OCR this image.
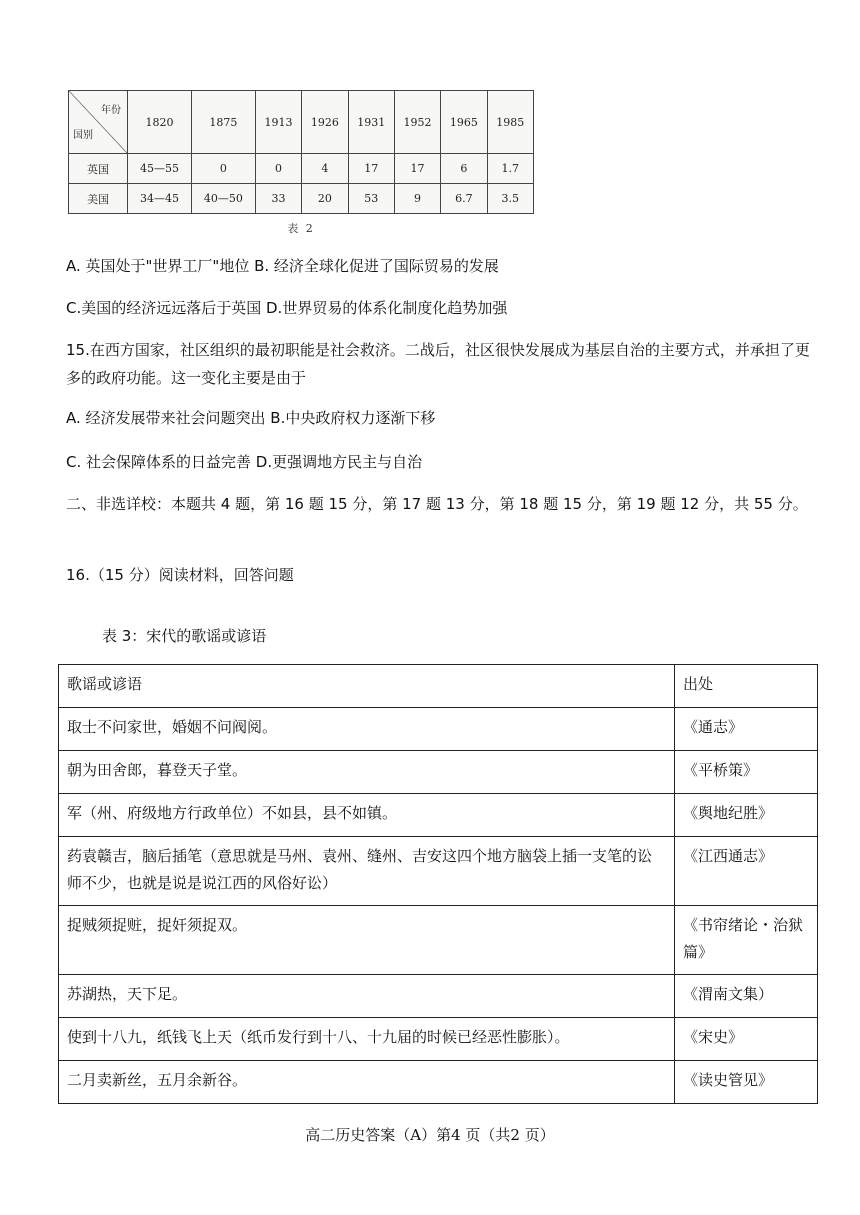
年份
国别	1820	1875	1913	1926	1931	1952	1965	1985
英国	45—55	0	0	4	17	17	6	1.7
美国	34—45	40—50	33	20	53	9	6.7	3.5
表 2
A. 英国处于"世界工厂"地位 B. 经济全球化促进了国际贸易的发展
C.美国的经济远远落后于英国 D.世界贸易的体系化制度化趋势加强
15.在西方国家，社区组织的最初职能是社会救济。二战后，社区很快发展成为基层自治的主要方式，并承担了更多的政府功能。这一变化主要是由于
A. 经济发展带来社会问题突出 B.中央政府权力逐渐下移
C. 社会保障体系的日益完善 D.更强调地方民主与自治
二、非选详校：本题共 4 题，第 16 题 15 分，第 17 题 13 分，第 18 题 15 分，第 19 题 12 分，共 55 分。
16.（15 分）阅读材料，回答问题
表 3：宋代的歌谣或谚语
歌谣或谚语	出处
取士不问家世，婚姻不问阀阅。	《通志》
朝为田舍郎，暮登天子堂。	《平桥策》
军（州、府级地方行政单位）不如县，县不如镇。	《舆地纪胜》
药袁赣吉，脑后插笔（意思就是马州、袁州、缝州、吉安这四个地方脑袋上插一支笔的讼师不少，也就是说是说江西的风俗好讼）	《江西通志》
捉贼须捉赃，捉奸须捉双。	《书帘绪论・治狱篇》
苏湖热，天下足。	《渭南文集）
使到十八九，纸钱飞上天（纸币发行到十八、十九届的时候已经恶性膨胀）。	《宋史》
二月卖新丝，五月余新谷。	《读史管见》
高二历史答案（A）第4 页（共2 页）
